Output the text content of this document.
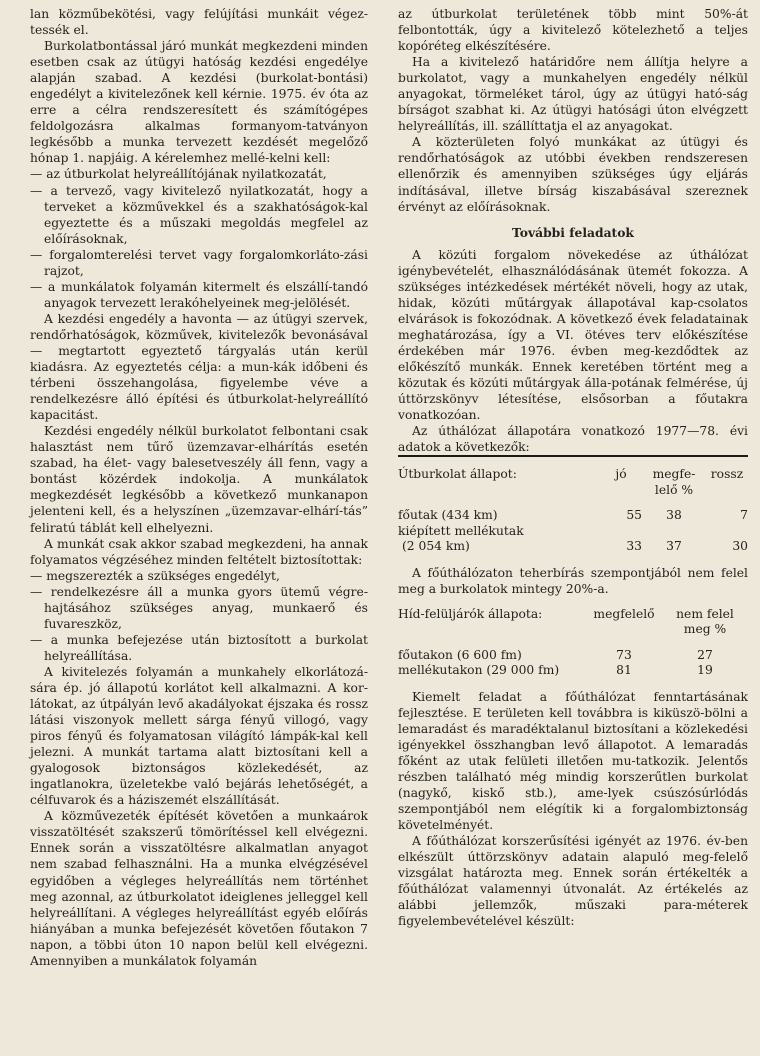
lan közműbekötési, vagy felújítási munkáit végez-tessék el.

Burkolatbontással járó munkát megkezdeni minden esetben csak az útügyi hatóság kezdési engedélye alapján szabad. A kezdési (burkolat-bontási) engedélyt a kivitelezőnek kell kérnie. 1975. év óta az erre a célra rendszeresített és számítógépes feldolgozásra alkalmas formanyom-tatványon legkésőbb a munka tervezett kezdését megelőző hónap 1. napjáig. A kérelemhez mellé-kelni kell:

— az útburkolat helyreállítójának nyilatkozatát,
— a tervező, vagy kivitelező nyilatkozatát, hogy a terveket a közművekkel és a szakhatóságok-kal egyeztette és a műszaki megoldás megfelel az előírásoknak,
— forgalomterelési tervet vagy forgalomkorláto-zási rajzot,
— a munkálatok folyamán kitermelt és elszállí-tandó anyagok tervezett lerakóhelyeinek meg-jelölését.

A kezdési engedély a havonta — az útügyi szervek, rendőrhatóságok, közművek, kivitelezők bevonásával — megtartott egyeztető tárgyalás után kerül kiadásra. Az egyeztetés célja: a mun-kák időbeni és térbeni összehangolása, figyelembe véve a rendelkezésre álló építési és útburkolat-helyreállító kapacitást.

Kezdési engedély nélkül burkolatot felbontani csak halasztást nem tűrő üzemzavar-elhárítás esetén szabad, ha élet- vagy balesetveszély áll fenn, vagy a bontást közérdek indokolja. A munkálatok megkezdését legkésőbb a következő munkanapon jelenteni kell, és a helyszínen „üzemzavar-elhárí-tás” feliratú táblát kell elhelyezni.

A munkát csak akkor szabad megkezdeni, ha annak folyamatos végzéséhez minden feltételt biztosítottak:

— megszerezték a szükséges engedélyt,
— rendelkezésre áll a munka gyors ütemű végre-hajtásához szükséges anyag, munkaerő és fuvareszköz,
— a munka befejezése után biztosított a burkolat helyreállítása.

A kivitelezés folyamán a munkahely elkorlátozá-sára ép. jó állapotú korlátot kell alkalmazni. A kor-látokat, az útpályán levő akadályokat éjszaka és rossz látási viszonyok mellett sárga fényű villogó, vagy piros fényű és folyamatosan világító lámpák-kal kell jelezni. A munkát tartama alatt biztosítani kell a gyalogosok biztonságos közlekedését, az ingatlanokra, üzeletekbe való bejárás lehetőségét, a célfuvarok és a háziszemét elszállítását.

A közművezeték építését követően a munkaárok visszatöltését szakszerű tömörítéssel kell elvégezni. Ennek során a visszatöltésre alkalmatlan anyagot nem szabad felhasználni. Ha a munka elvégzésével egyidőben a végleges helyreállítás nem történhet meg azonnal, az útburkolatot ideiglenes jelleggel kell helyreállítani. A végleges helyreállítást egyéb előírás hiányában a munka befejezését követően főutakon 7 napon, a többi úton 10 napon belül kell elvégezni. Amennyiben a munkálatok folyamán

az útburkolat területének több mint 50%-át felbontották, úgy a kivitelező kötelezhető a teljes kopóréteg elkészítésére.

Ha a kivitelező határidőre nem állítja helyre a burkolatot, vagy a munkahelyen engedély nélkül anyagokat, törmeléket tárol, úgy az útügyi ható-ság bírságot szabhat ki. Az útügyi hatósági úton elvégzett helyreállítás, ill. szállíttatja el az anyagokat.

A közterületen folyó munkákat az útügyi és rendőrhatóságok az utóbbi években rendszeresen ellenőrzik és amennyiben szükséges úgy eljárás indításával, illetve bírság kiszabásával szereznek érvényt az előírásoknak.

További feladatok

A közúti forgalom növekedése az úthálózat igénybevételét, elhasználódásának ütemét fokozza. A szükséges intézkedések mértékét növeli, hogy az utak, hidak, közúti műtárgyak állapotával kap-csolatos elvárások is fokozódnak. A következő évek feladatainak meghatározása, így a VI. ötéves terv előkészítése érdekében már 1976. évben meg-kezdődtek az előkészítő munkák. Ennek keretében történt meg a közutak és közúti műtárgyak álla-potának felmérése, új úttörzskönyv létesítése, elsősorban a főutakra vonatkozóan.

Az úthálózat állapotára vonatkozó 1977—78. évi adatok a következők:

Útburkolat állapot:	jó	megfe-lelő %	rossz

főutak (434 km)	55	38	7
kiépített mellékutak			
(2 054 km)	33	37	30

A főúthálózaton teherbírás szempontjából nem felel meg a burkolatok mintegy 20%-a.

Híd-felüljárók állapota:	megfelelő	nem felel meg %

főutakon (6 600 fm)	73	27
mellékutakon (29 000 fm)	81	19

Kiemelt feladat a főúthálózat fenntartásának fejlesztése. E területen kell továbbra is kiküszö-bölni a lemaradást és maradéktalanul biztosítani a közlekedési igényekkel összhangban levő állapotot. A lemaradás főként az utak felületi illetően mu-tatkozik. Jelentős részben található még mindig korszerűtlen burkolat (nagykő, kiskő stb.), ame-lyek csúszósúrlódás szempontjából nem elégítik ki a forgalombiztonság követelményét.

A főúthálózat korszerűsítési igényét az 1976. év-ben elkészült úttörzskönyv adatain alapuló meg-felelő vizsgálat határozta meg. Ennek során értékelték a főúthálózat valamennyi útvonalát. Az értékelés az alábbi jellemzők, műszaki para-méterek figyelembevételével készült:
